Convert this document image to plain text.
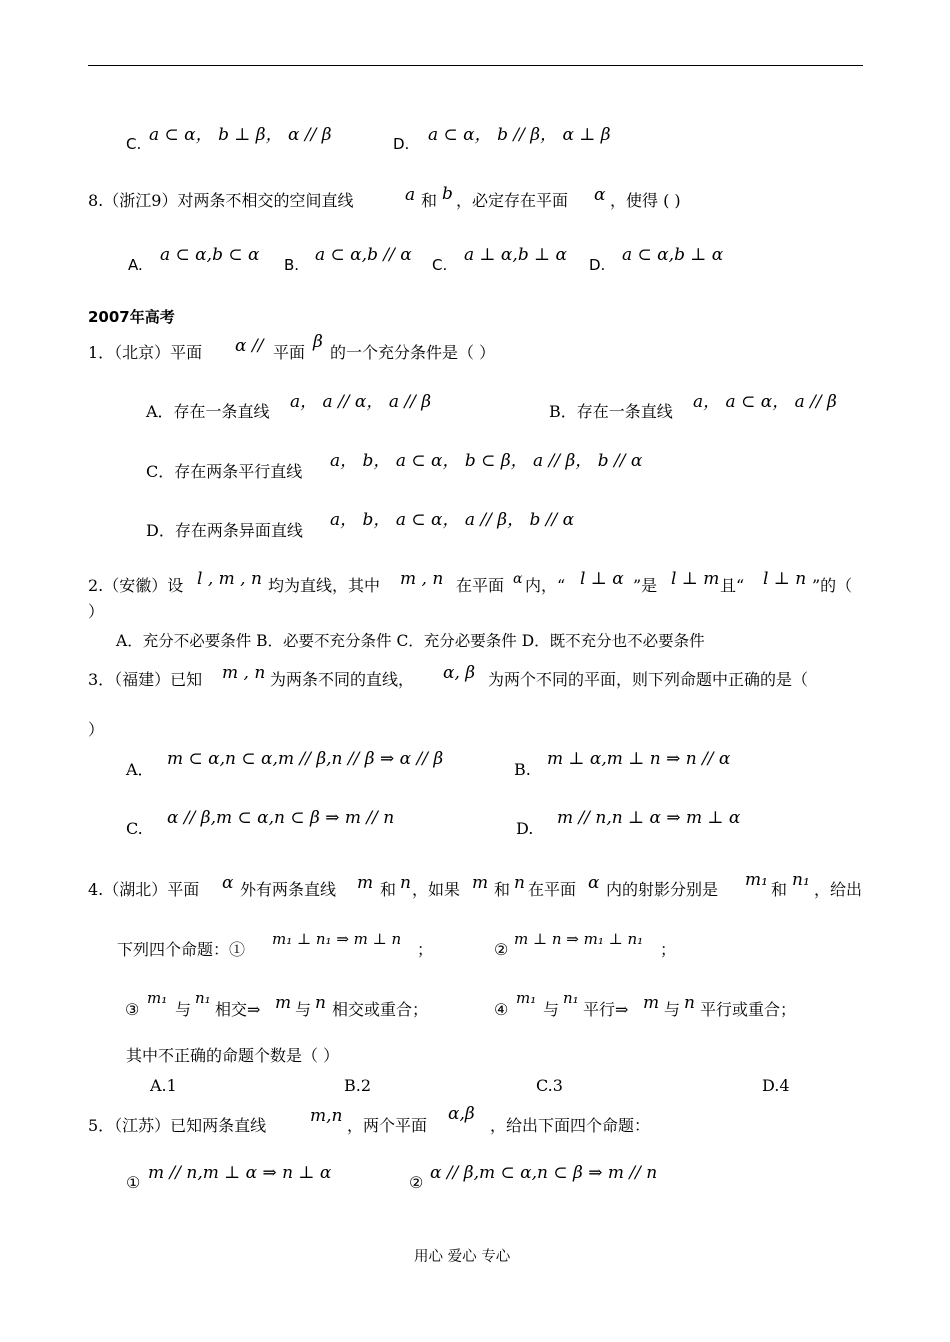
C. a ⊂ α， b ⊥ β， α // β	D. a ⊂ α， b // β， α ⊥ β
8.（浙江9）对两条不相交的空间直线	a 和 b ，必定存在平面 α ，使得 ( )
A. a ⊂ α,b ⊂ α B. a ⊂ α,b // α C. a ⊥ α,b ⊥ α D. a ⊂ α,b ⊥ α
2007年高考
1．（北京）平面 α // 平面
β
的一个充分条件是（ ）
A．存在一条直线 a， a // α， a // β	B．存在一条直线 a， a ⊂ α， a // β
C．存在两条平行直线
a， b， a ⊂ α， b ⊂ β， a // β， b // α
D．存在两条异面直线
a， b， a ⊂ α， a // β， b // α
2.（安徽）设 l , m , n 均为直线，其中 m , n 在平面 α 内，“ l ⊥ α ”是 l ⊥ m 且“ l ⊥ n ”的（
）
A．充分不必要条件 B．必要不充分条件 C．充分必要条件 D．既不充分也不必要条件
3．（福建）已知 m , n 为两条不同的直线， α, β 为两个不同的平面，则下列命题中正确的是（
）
A．
m ⊂ α,n ⊂ α,m // β,n // β ⇒ α // β
B.
m ⊥ α,m ⊥ n ⇒ n // α
C.
α // β,m ⊂ α,n ⊂ β ⇒ m // n
D.
m // n,n ⊥ α ⇒ m ⊥ α
4.（湖北）平面 α 外有两条直线 m 和 n ，如果 m 和 n 在平面 α 内的射影分别是 m₁ 和 n₁ ，给出
下列四个命题：①
m₁ ⊥ n₁ ⇒ m ⊥ n
；	②
m ⊥ n ⇒ m₁ ⊥ n₁
；
③
m₁
与
n₁
相交⇒ m 与 n 相交或重合；	④
m₁
与
n₁
平行⇒ m 与 n 平行或重合；
其中不正确的命题个数是（ ）
A.1	B.2	C.3	D.4
5．（江苏）已知两条直线	m,n ，两个平面
α,β
，给出下面四个命题：
① m // n,m ⊥ α ⇒ n ⊥ α	② α // β,m ⊂ α,n ⊂ β ⇒ m // n
用心 爱心 专心
